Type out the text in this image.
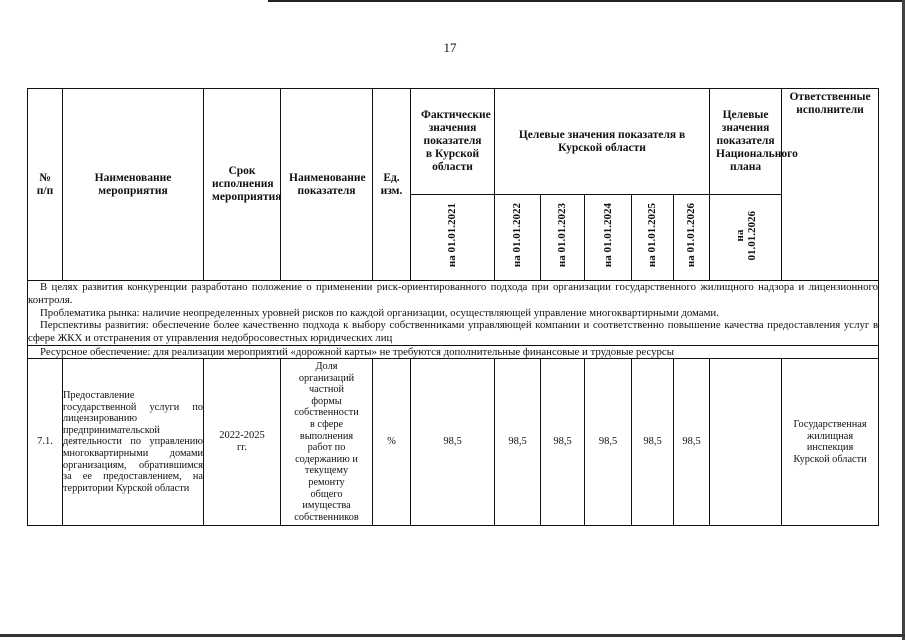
17
№ п/п	Наименование мероприятия	Срок исполнения мероприятия	Наименование показателя	Ед. изм.	Фактические значения показателя в Курской области	Целевые значения показателя в Курской области					Целевые значения показателя Национального плана	Ответственные исполнители
					на 01.01.2021	на 01.01.2022	на 01.01.2023	на 01.01.2024	на 01.01.2025	на 01.01.2026	на
01.01.2026	

В целях развития конкуренции разработано положение о применении риск-ориентированного подхода при организации государственного жилищного надзора и лицензионного контроля.

Проблематика рынка: наличие неопределенных уровней рисков по каждой организации, осуществляющей управление многоквартирными домами.

Перспективы развития: обеспечение более качественно подхода к выбору собственниками управляющей компании и соответственно повышение качества предоставления услуг в сфере ЖКХ и отстранения от управления недобросовестных юридических лиц												

Ресурсное обеспечение: для реализации мероприятий «дорожной карты» не требуются дополнительные финансовые и трудовые ресурсы												
7.1.	Предоставление государственной услуги по лицензированию предпринимательской деятельности по управлению многоквартирными домами организациям, обратившимся за ее предоставлением, на территории Курской области	2022-2025 гг.	Доля организаций частной формы собственности в сфере выполнения работ по содержанию и текущему ремонту общего имущества собственников	%	98,5	98,5	98,5	98,5	98,5	98,5		Государственная жилищная инспекция Курской области
